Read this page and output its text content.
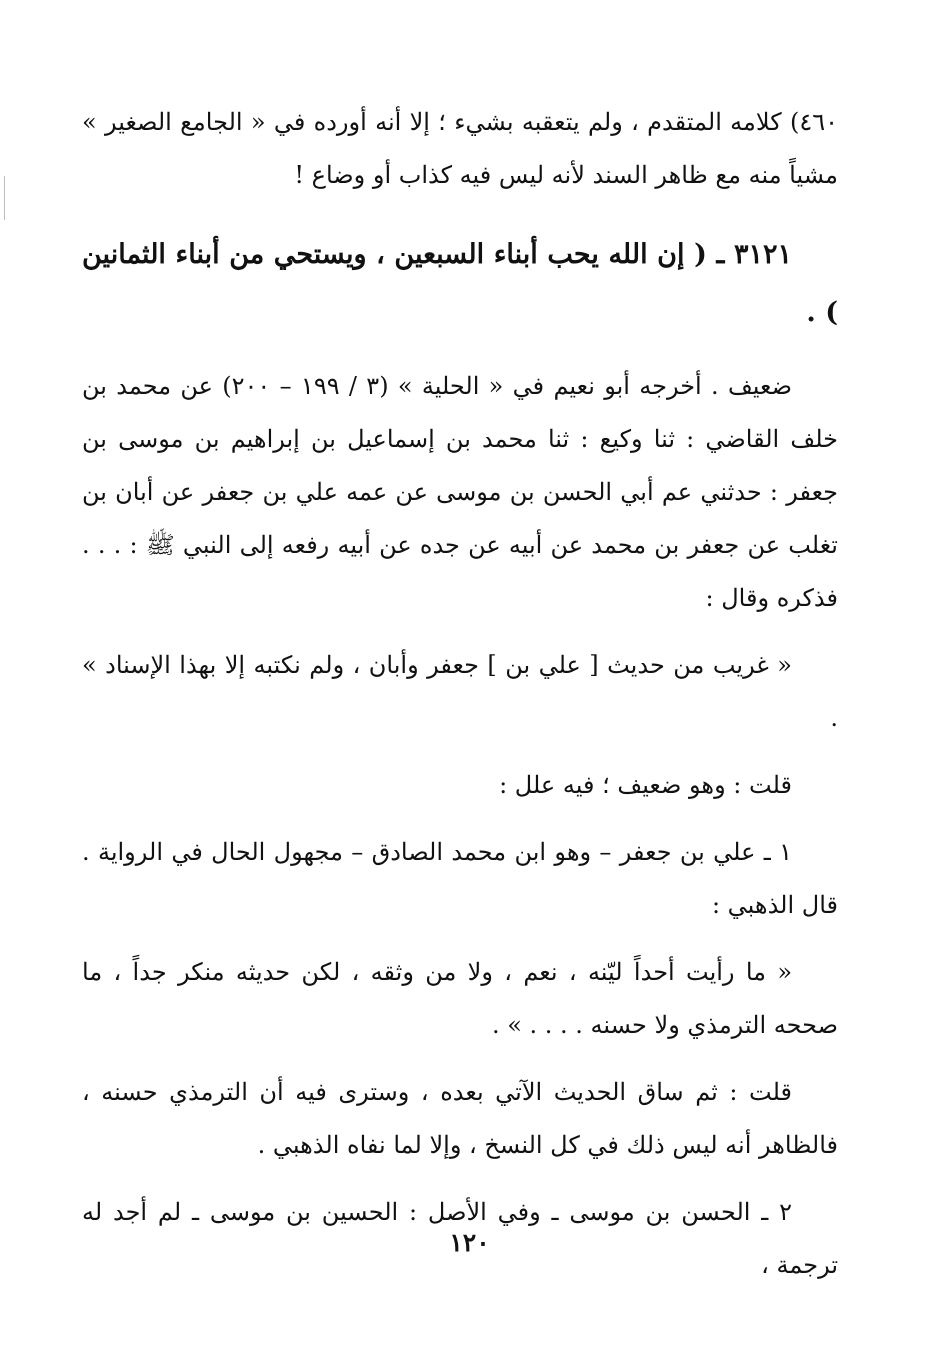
٤٦٠) كلامه المتقدم ، ولم يتعقبه بشيء ؛ إلا أنه أورده في « الجامع الصغير » مشياً منه مع ظاهر السند لأنه ليس فيه كذاب أو وضاع !

٣١٢١ ـ ( إن الله يحب أبناء السبعين ، ويستحي من أبناء الثمانين ) .

ضعيف . أخرجه أبو نعيم في « الحلية » (٣ / ١٩٩ – ٢٠٠) عن محمد بن خلف القاضي : ثنا وكيع : ثنا محمد بن إسماعيل بن إبراهيم بن موسى بن جعفر : حدثني عم أبي الحسن بن موسى عن عمه علي بن جعفر عن أبان بن تغلب عن جعفر بن محمد عن أبيه عن جده عن أبيه رفعه إلى النبي ﷺ : . . . فذكره وقال :

« غريب من حديث [ علي بن ] جعفر وأبان ، ولم نكتبه إلا بهذا الإسناد » .

قلت : وهو ضعيف ؛ فيه علل :

١ ـ علي بن جعفر – وهو ابن محمد الصادق – مجهول الحال في الرواية . قال الذهبي :

« ما رأيت أحداً ليّنه ، نعم ، ولا من وثقه ، لكن حديثه منكر جداً ، ما صححه الترمذي ولا حسنه . . . . » .

قلت : ثم ساق الحديث الآتي بعده ، وسترى فيه أن الترمذي حسنه ، فالظاهر أنه ليس ذلك في كل النسخ ، وإلا لما نفاه الذهبي .

٢ ـ الحسن بن موسى ـ وفي الأصل : الحسين بن موسى ـ لم أجد له ترجمة ،

١٢٠
